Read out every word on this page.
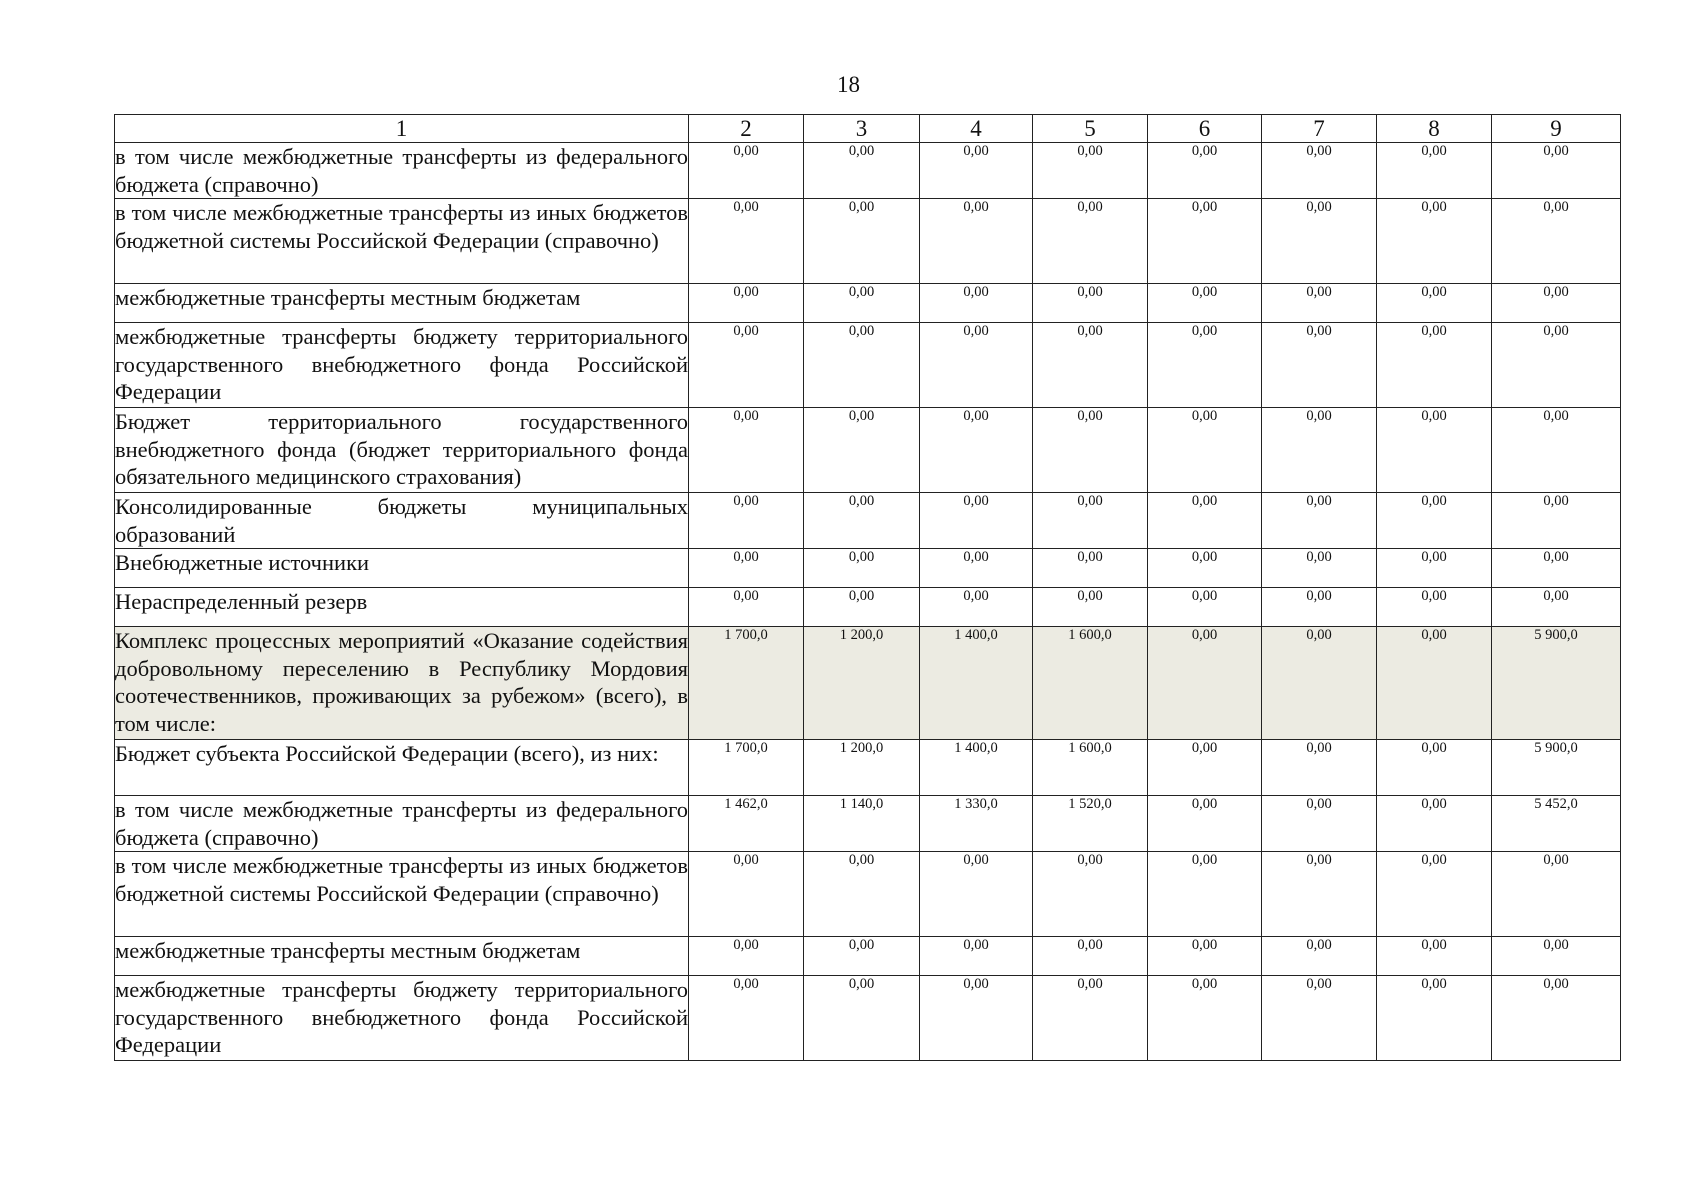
18
1	2	3	4	5	6	7	8	9
в том числе межбюджетные трансферты из федерального бюджета (справочно)	0,00	0,00	0,00	0,00	0,00	0,00	0,00	0,00
в том числе межбюджетные трансферты из иных бюджетов бюджетной системы Российской Федерации (справочно)	0,00	0,00	0,00	0,00	0,00	0,00	0,00	0,00
межбюджетные трансферты местным бюджетам	0,00	0,00	0,00	0,00	0,00	0,00	0,00	0,00
межбюджетные трансферты бюджету территориального государственного внебюджетного фонда Российской Федерации	0,00	0,00	0,00	0,00	0,00	0,00	0,00	0,00
Бюджет территориального государственного внебюджетного фонда (бюджет территориального фонда обязательного медицинского страхования)	0,00	0,00	0,00	0,00	0,00	0,00	0,00	0,00
Консолидированные бюджеты муниципальных образований	0,00	0,00	0,00	0,00	0,00	0,00	0,00	0,00
Внебюджетные источники	0,00	0,00	0,00	0,00	0,00	0,00	0,00	0,00
Нераспределенный резерв	0,00	0,00	0,00	0,00	0,00	0,00	0,00	0,00
Комплекс процессных мероприятий «Оказание содействия добровольному переселению в Республику Мордовия соотечественников, проживающих за рубежом» (всего), в том числе:	1 700,0	1 200,0	1 400,0	1 600,0	0,00	0,00	0,00	5 900,0
Бюджет субъекта Российской Федерации (всего), из них:	1 700,0	1 200,0	1 400,0	1 600,0	0,00	0,00	0,00	5 900,0
в том числе межбюджетные трансферты из федерального бюджета (справочно)	1 462,0	1 140,0	1 330,0	1 520,0	0,00	0,00	0,00	5 452,0
в том числе межбюджетные трансферты из иных бюджетов бюджетной системы Российской Федерации (справочно)	0,00	0,00	0,00	0,00	0,00	0,00	0,00	0,00
межбюджетные трансферты местным бюджетам	0,00	0,00	0,00	0,00	0,00	0,00	0,00	0,00
межбюджетные трансферты бюджету территориального государственного внебюджетного фонда Российской Федерации	0,00	0,00	0,00	0,00	0,00	0,00	0,00	0,00
